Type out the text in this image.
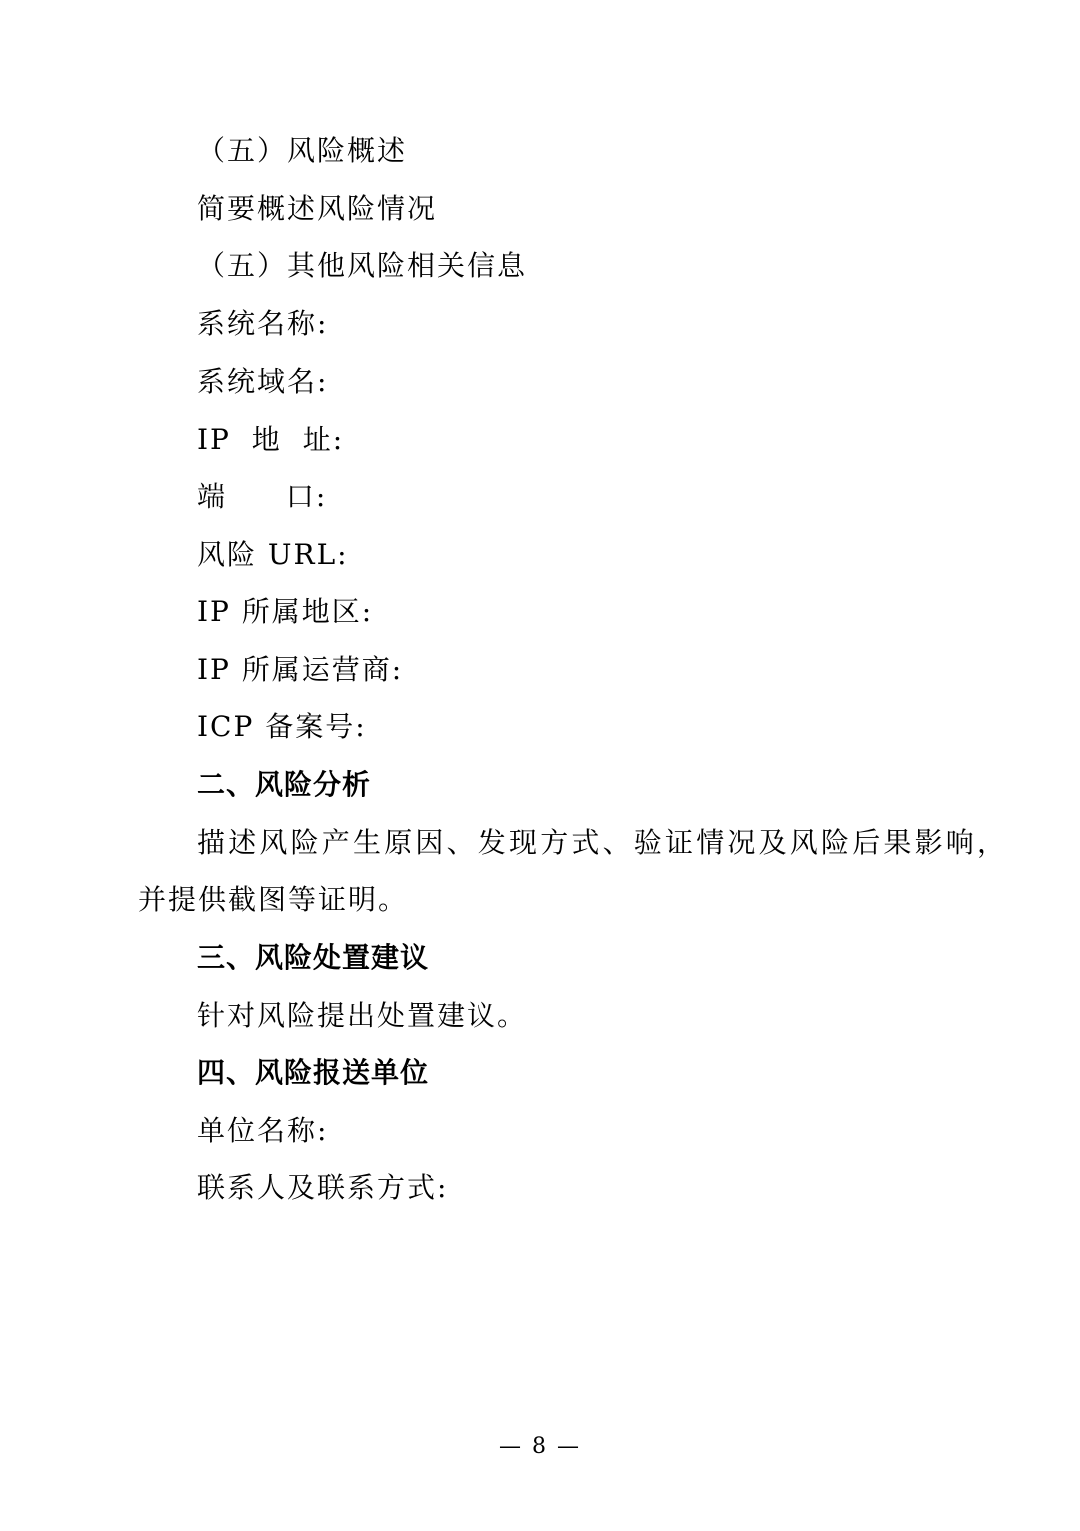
（五）风险概述

简要概述风险情况

（五）其他风险相关信息

系统名称:

系统域名:

IP 地 址:

端 口:

风险 URL:

IP 所属地区:

IP 所属运营商:

ICP 备案号:

二、风险分析

描述风险产生原因、发现方式、验证情况及风险后果影响，

并提供截图等证明。

三、风险处置建议

针对风险提出处置建议。

四、风险报送单位

单位名称:

联系人及联系方式:

— 8 —
